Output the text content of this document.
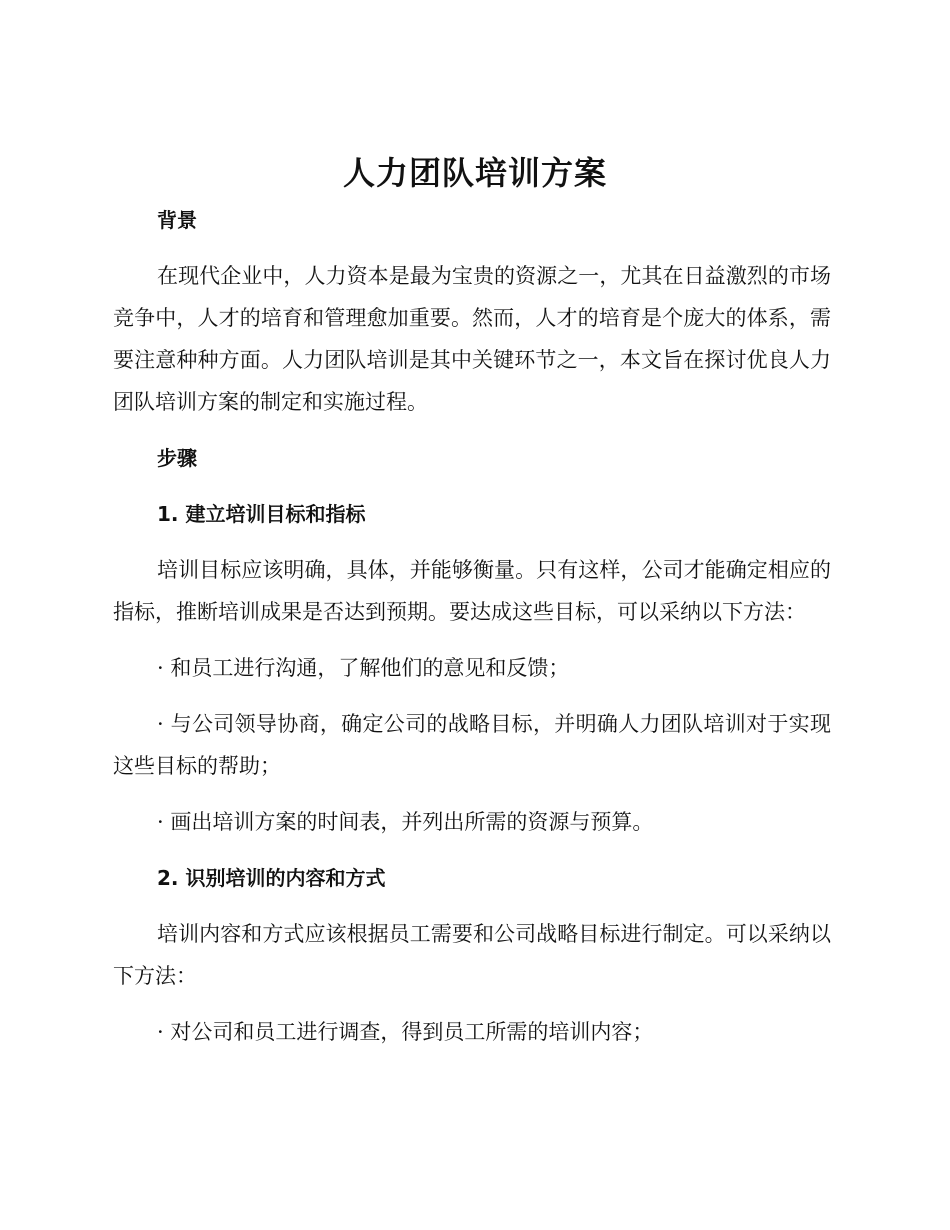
人力团队培训方案
背景

在现代企业中，人力资本是最为宝贵的资源之一，尤其在日益激烈的市场竞争中，人才的培育和管理愈加重要。然而，人才的培育是个庞大的体系，需要注意种种方面。人力团队培训是其中关键环节之一，本文旨在探讨优良人力团队培训方案的制定和实施过程。

步骤
1. 建立培训目标和指标

培训目标应该明确，具体，并能够衡量。只有这样，公司才能确定相应的指标，推断培训成果是否达到预期。要达成这些目标，可以采纳以下方法：

· 和员工进行沟通，了解他们的意见和反馈；

· 与公司领导协商，确定公司的战略目标，并明确人力团队培训对于实现这些目标的帮助；

· 画出培训方案的时间表，并列出所需的资源与预算。

2. 识别培训的内容和方式

培训内容和方式应该根据员工需要和公司战略目标进行制定。可以采纳以下方法：

· 对公司和员工进行调查，得到员工所需的培训内容；
